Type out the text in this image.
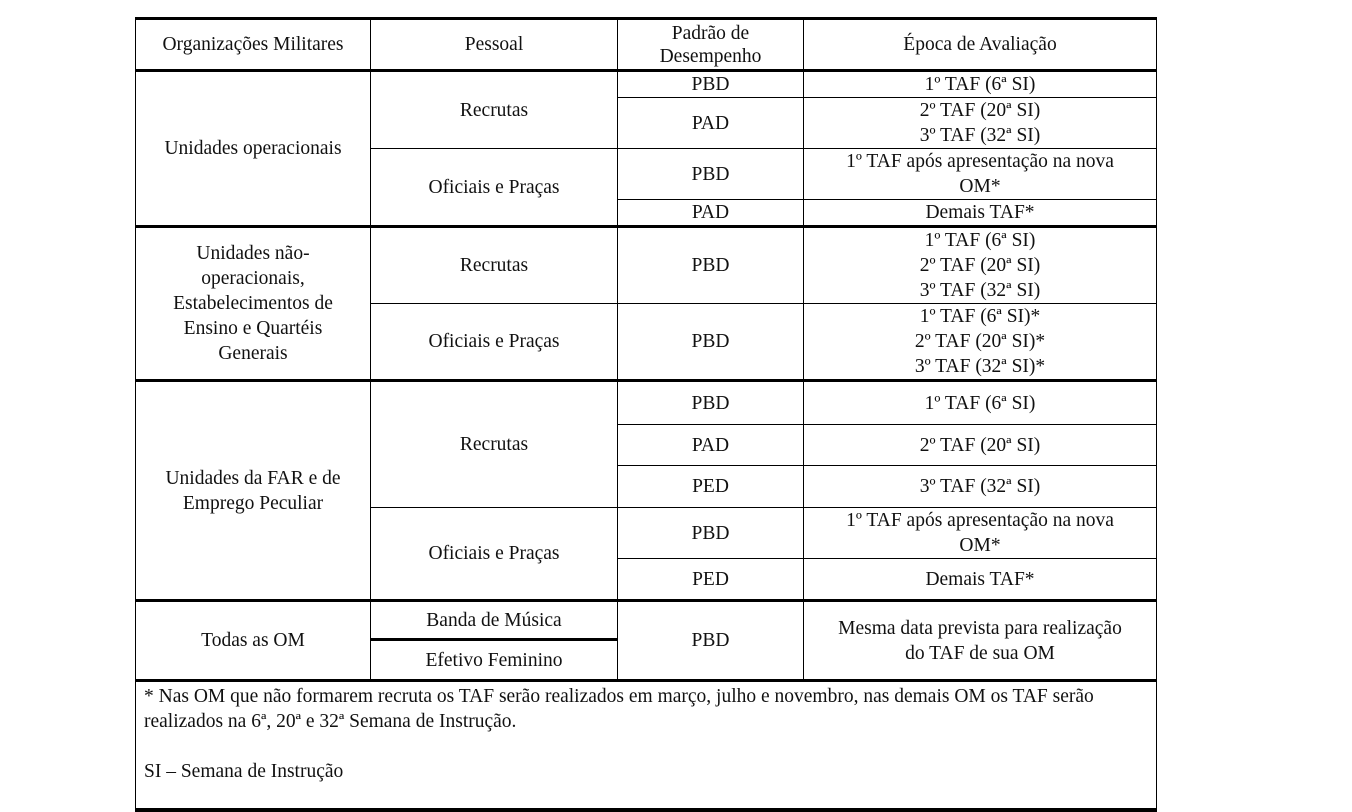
Organizações Militares	Pessoal	Padrão de Desempenho	Época de Avaliação
Unidades operacionais	Recrutas	PBD	1º TAF (6ª SI)

		PAD	2º TAF (20ª SI)
3º TAF (32ª SI)

	Oficiais e Praças	PBD	1º TAF após apresentação na nova
OM*

		PAD	Demais TAF*

Unidades não-operacionais, Estabelecimentos de Ensino e Quartéis Generais	Recrutas	PBD	1º TAF (6ª SI)
2º TAF (20ª SI)
3º TAF (32ª SI)

	Oficiais e Praças	PBD	1º TAF (6ª SI)*
2º TAF (20ª SI)*
3º TAF (32ª SI)*

Unidades da FAR e de Emprego Peculiar	Recrutas	PBD	1º TAF (6ª SI)

		PAD	2º TAF (20ª SI)

		PED	3º TAF (32ª SI)

	Oficiais e Praças	PBD	1º TAF após apresentação na nova
OM*

		PED	Demais TAF*

Todas as OM	Banda de Música	PBD	Mesma data prevista para realização
do TAF de sua OM

	Efetivo Feminino		

* Nas OM que não formarem recruta os TAF serão realizados em março, julho e novembro, nas demais OM os TAF serão realizados na 6ª, 20ª e 32ª Semana de Instrução.

SI – Semana de Instrução			
